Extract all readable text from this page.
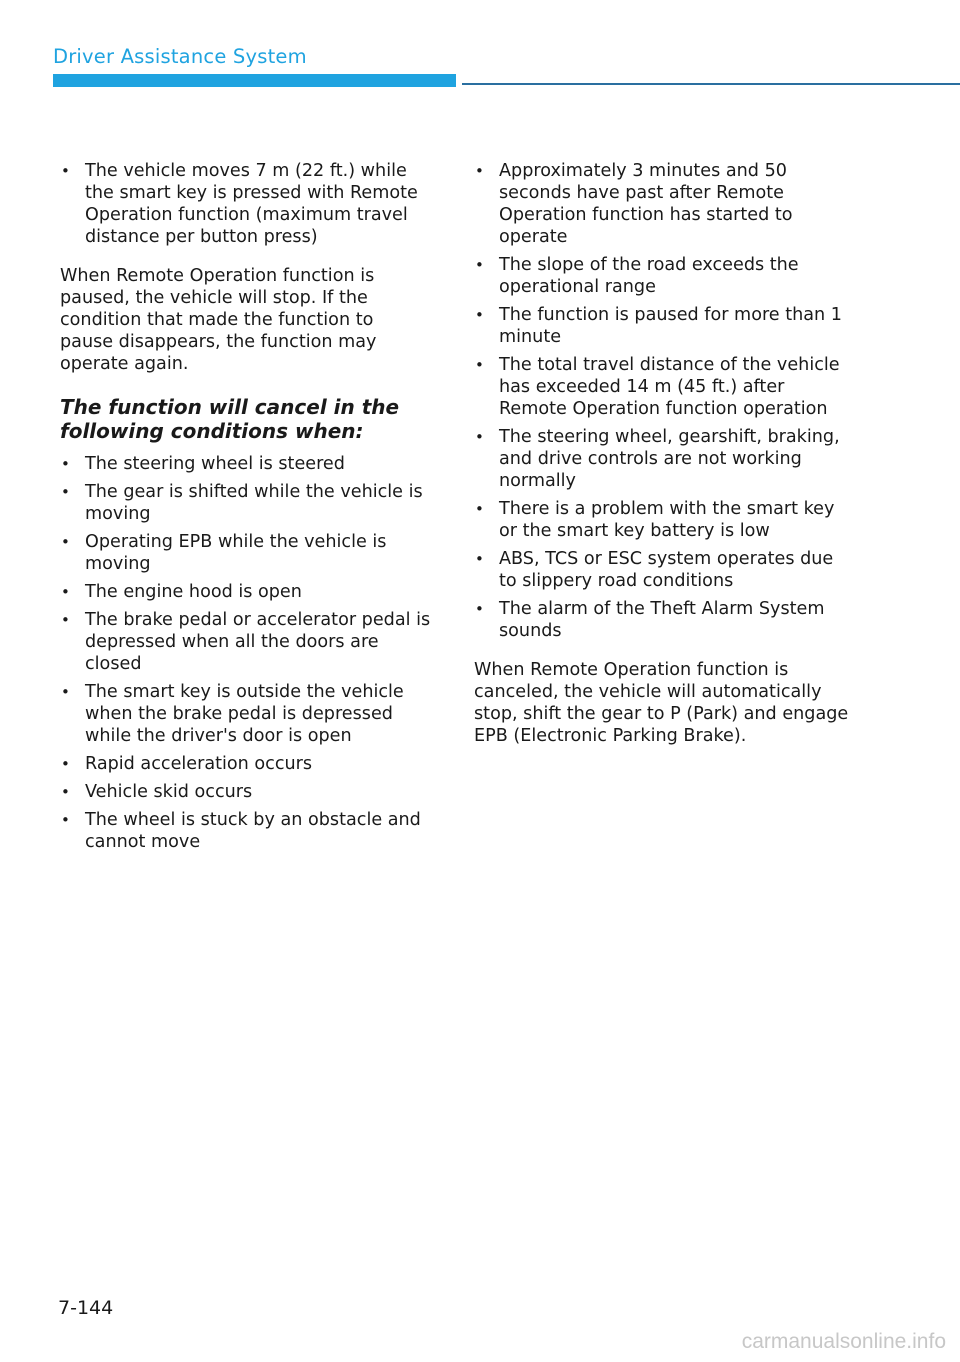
Driver Assistance System
• The vehicle moves 7 m (22 ft.) while the smart key is pressed with Remote Operation function (maximum travel distance per button press)

When Remote Operation function is paused, the vehicle will stop. If the condition that made the function to pause disappears, the function may operate again.

The function will cancel in the following conditions when:
• The steering wheel is steered
• The gear is shifted while the vehicle is moving
• Operating EPB while the vehicle is moving
• The engine hood is open
• The brake pedal or accelerator pedal is depressed when all the doors are closed
• The smart key is outside the vehicle when the brake pedal is depressed while the driver's door is open
• Rapid acceleration occurs
• Vehicle skid occurs
• The wheel is stuck by an obstacle and cannot move
• Approximately 3 minutes and 50 seconds have past after Remote Operation function has started to operate
• The slope of the road exceeds the operational range
• The function is paused for more than 1 minute
• The total travel distance of the vehicle has exceeded 14 m (45 ft.) after Remote Operation function operation
• The steering wheel, gearshift, braking, and drive controls are not working normally
• There is a problem with the smart key or the smart key battery is low
• ABS, TCS or ESC system operates due to slippery road conditions
• The alarm of the Theft Alarm System sounds

When Remote Operation function is canceled, the vehicle will automatically stop, shift the gear to P (Park) and engage EPB (Electronic Parking Brake).

7-144
carmanualsonline.info
